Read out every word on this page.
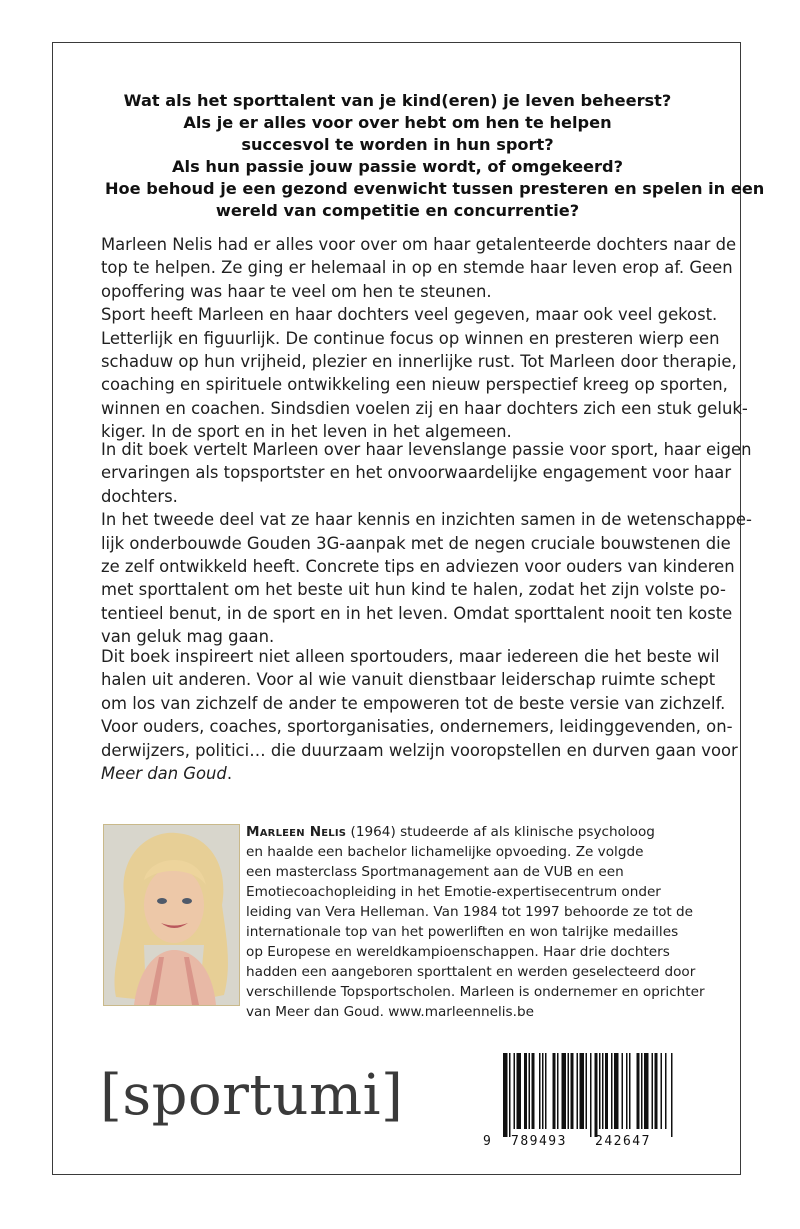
Wat als het sporttalent van je kind(eren) je leven beheerst?
Als je er alles voor over hebt om hen te helpen
succesvol te worden in hun sport?
Als hun passie jouw passie wordt, of omgekeerd?
Hoe behoud je een gezond evenwicht tussen presteren en spelen in een
wereld van competitie en concurrentie?
Marleen Nelis had er alles voor over om haar getalenteerde dochters naar de
top te helpen. Ze ging er helemaal in op en stemde haar leven erop af. Geen
opoffering was haar te veel om hen te steunen.
Sport heeft Marleen en haar dochters veel gegeven, maar ook veel gekost.
Letterlijk en figuurlijk. De continue focus op winnen en presteren wierp een
schaduw op hun vrijheid, plezier en innerlijke rust. Tot Marleen door therapie,
coaching en spirituele ontwikkeling een nieuw perspectief kreeg op sporten,
winnen en coachen. Sindsdien voelen zij en haar dochters zich een stuk geluk-
kiger. In de sport en in het leven in het algemeen.
In dit boek vertelt Marleen over haar levenslange passie voor sport, haar eigen
ervaringen als topsportster en het onvoorwaardelijke engagement voor haar
dochters.
In het tweede deel vat ze haar kennis en inzichten samen in de wetenschappe-
lijk onderbouwde Gouden 3G-aanpak met de negen cruciale bouwstenen die
ze zelf ontwikkeld heeft. Concrete tips en adviezen voor ouders van kinderen
met sporttalent om het beste uit hun kind te halen, zodat het zijn volste po-
tentieel benut, in de sport en in het leven. Omdat sporttalent nooit ten koste
van geluk mag gaan.
Dit boek inspireert niet alleen sportouders, maar iedereen die het beste wil
halen uit anderen. Voor al wie vanuit dienstbaar leiderschap ruimte schept
om los van zichzelf de ander te empoweren tot de beste versie van zichzelf.
Voor ouders, coaches, sportorganisaties, ondernemers, leidinggevenden, on-
derwijzers, politici… die duurzaam welzijn vooropstellen en durven gaan voor
Meer dan Goud.
Marleen Nelis (1964) studeerde af als klinische psycholoog
en haalde een bachelor lichamelijke opvoeding. Ze volgde
een masterclass Sportmanagement aan de VUB en een
Emotiecoachopleiding in het Emotie-expertisecentrum onder
leiding van Vera Helleman. Van 1984 tot 1997 behoorde ze tot de
internationale top van het powerliften en won talrijke medailles
op Europese en wereldkampioenschappen. Haar drie dochters
hadden een aangeboren sporttalent en werden geselecteerd door
verschillende Topsportscholen. Marleen is ondernemer en oprichter
van Meer dan Goud. www.marleennelis.be
[sportumi]
9 789493 242647
